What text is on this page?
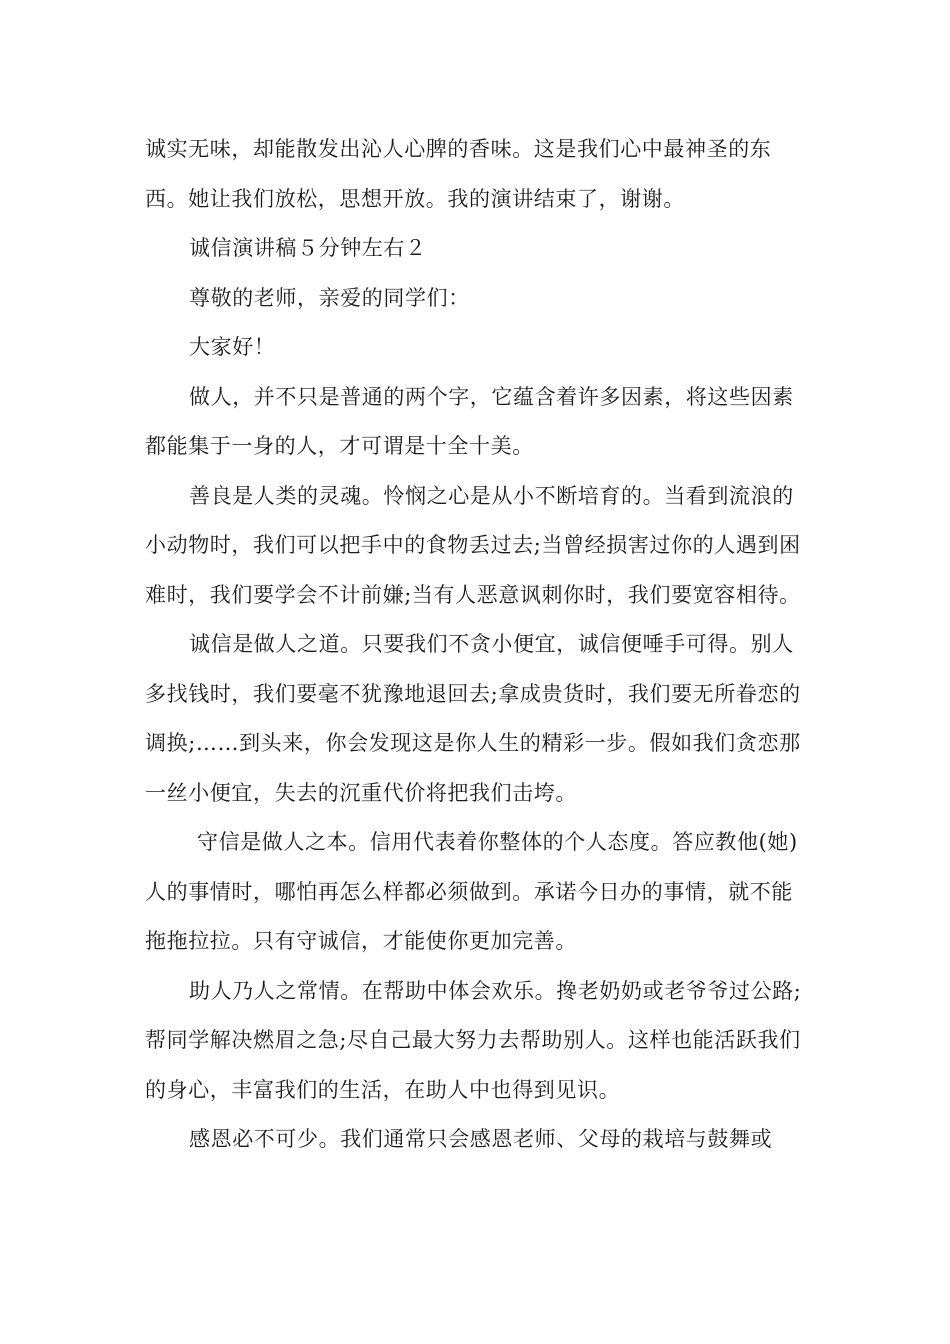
诚实无味，却能散发出沁人心脾的香味。这是我们心中最神圣的东西。她让我们放松，思想开放。我的演讲结束了，谢谢。

诚信演讲稿５分钟左右２

尊敬的老师，亲爱的同学们：

大家好！

做人，并不只是普通的两个字，它蕴含着许多因素，将这些因素都能集于一身的人，才可谓是十全十美。

善良是人类的灵魂。怜悯之心是从小不断培育的。当看到流浪的小动物时，我们可以把手中的食物丢过去;当曾经损害过你的人遇到困难时，我们要学会不计前嫌;当有人恶意讽刺你时，我们要宽容相待。

诚信是做人之道。只要我们不贪小便宜，诚信便唾手可得。别人多找钱时，我们要毫不犹豫地退回去;拿成贵货时，我们要无所眷恋的调换;……到头来，你会发现这是你人生的精彩一步。假如我们贪恋那一丝小便宜，失去的沉重代价将把我们击垮。

守信是做人之本。信用代表着你整体的个人态度。答应教他(她)人的事情时，哪怕再怎么样都必须做到。承诺今日办的事情，就不能拖拖拉拉。只有守诚信，才能使你更加完善。

助人乃人之常情。在帮助中体会欢乐。搀老奶奶或老爷爷过公路;帮同学解决燃眉之急;尽自己最大努力去帮助别人。这样也能活跃我们的身心，丰富我们的生活，在助人中也得到见识。

感恩必不可少。我们通常只会感恩老师、父母的栽培与鼓舞或
